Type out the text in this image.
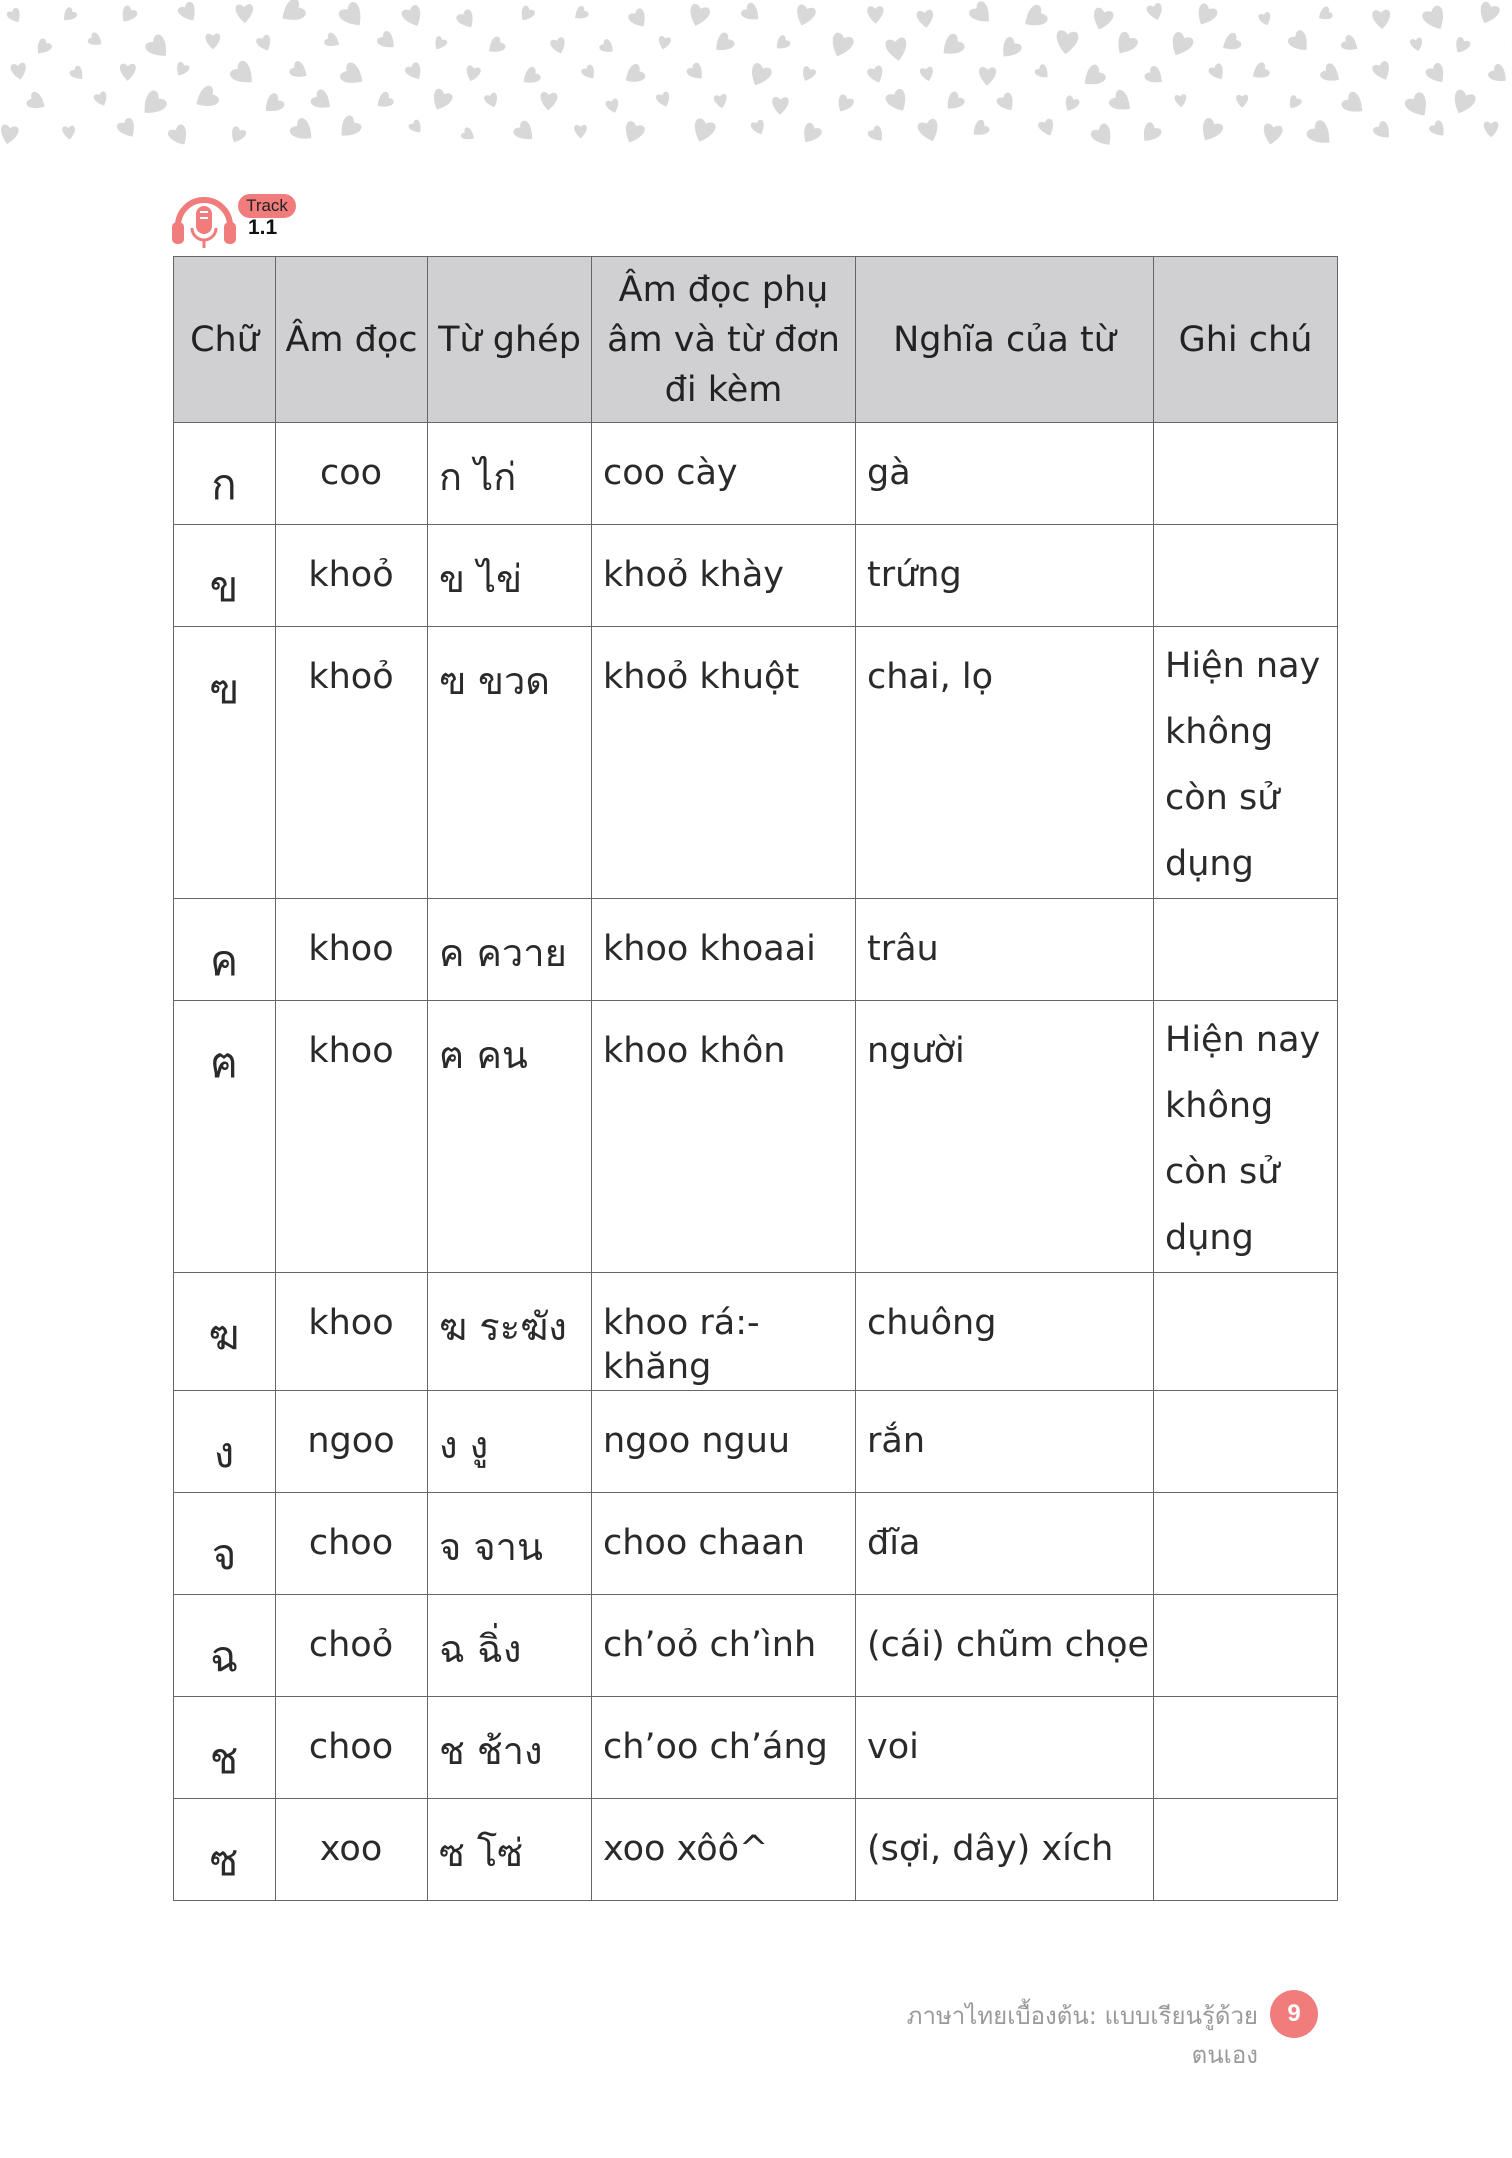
Track
1.1
Chữ	Âm đọc	Từ ghép	Âm đọc phụ
âm và từ đơn
đi kèm	Nghĩa của từ	Ghi chú
ก	coo	ก ไก่	coo cày	gà	
ข	khoỏ	ข ไข่	khoỏ khày	trứng	
ฃ	khoỏ	ฃ ขวด	khoỏ khuột	chai, lọ	Hiện nay
không
còn sử
dụng

ค	khoo	ค ควาย	khoo khoaai	trâu	
ฅ	khoo	ฅ คน	khoo khôn	người	Hiện nay
không
còn sử
dụng

ฆ	khoo	ฆ ระฆัง	khoo rá:-khăng	chuông	
ง	ngoo	ง งู	ngoo nguu	rắn	
จ	choo	จ จาน	choo chaan	đĩa	
ฉ	choỏ	ฉ ฉิ่ง	ch’oỏ ch’ình	(cái) chũm chọe	
ช	choo	ช ช้าง	ch’oo ch’áng	voi	
ซ	xoo	ซ โซ่	xoo xôô^	(sợi, dây) xích	
ภาษาไทยเบื้องต้น: แบบเรียนรู้ด้วยตนเอง
9
